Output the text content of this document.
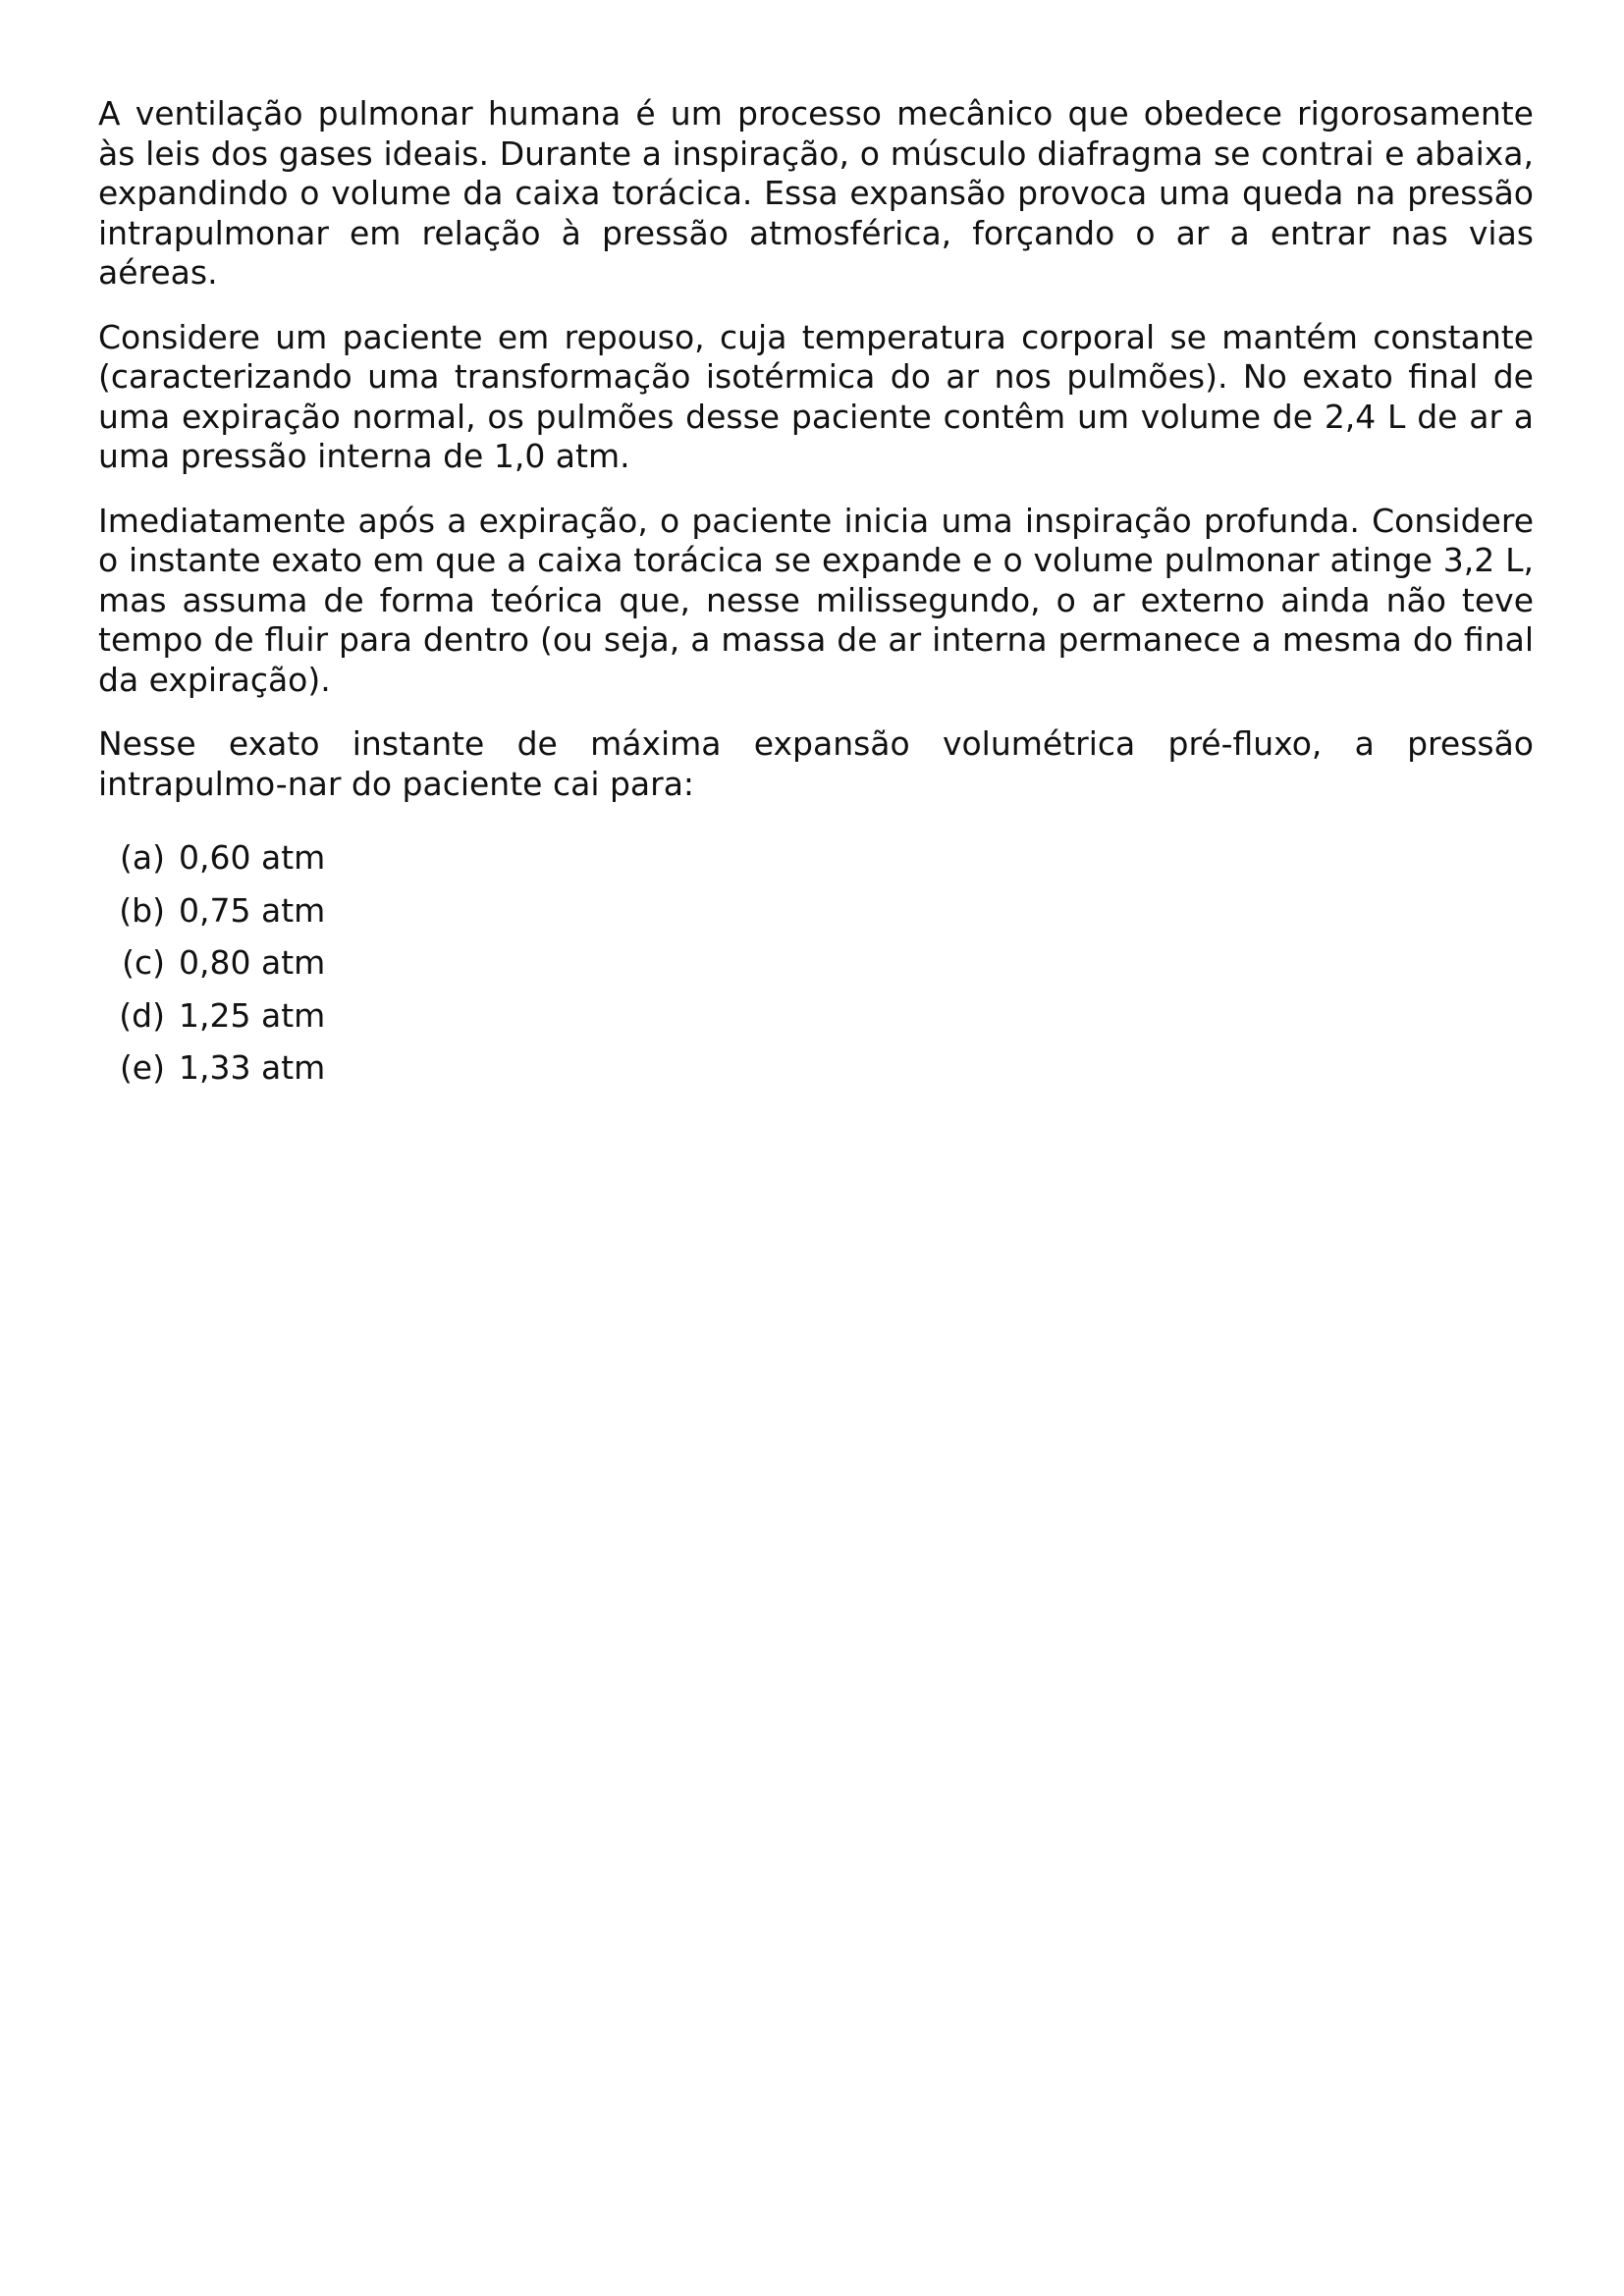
A ventilação pulmonar humana é um processo mecânico que obedece rigorosamente às leis dos gases ideais. Durante a inspiração, o músculo diafragma se contrai e abaixa, expandindo o volume da caixa torácica. Essa expansão provoca uma queda na pressão intrapulmonar em relação à pressão atmosférica, forçando o ar a entrar nas vias aéreas.

Considere um paciente em repouso, cuja temperatura corporal se mantém constante (caracterizando uma transformação isotérmica do ar nos pulmões). No exato final de uma expiração normal, os pulmões desse paciente contêm um volume de 2,4 L de ar a uma pressão interna de 1,0 atm.

Imediatamente após a expiração, o paciente inicia uma inspiração profunda. Considere o instante exato em que a caixa torácica se expande e o volume pulmonar atinge 3,2 L, mas assuma de forma teórica que, nesse milissegundo, o ar externo ainda não teve tempo de fluir para dentro (ou seja, a massa de ar interna permanece a mesma do final da expiração).

Nesse exato instante de máxima expansão volumétrica pré-fluxo, a pressão intrapulmo-nar do paciente cai para:

(a) 0,60 atm
(b) 0,75 atm
(c) 0,80 atm
(d) 1,25 atm
(e) 1,33 atm
